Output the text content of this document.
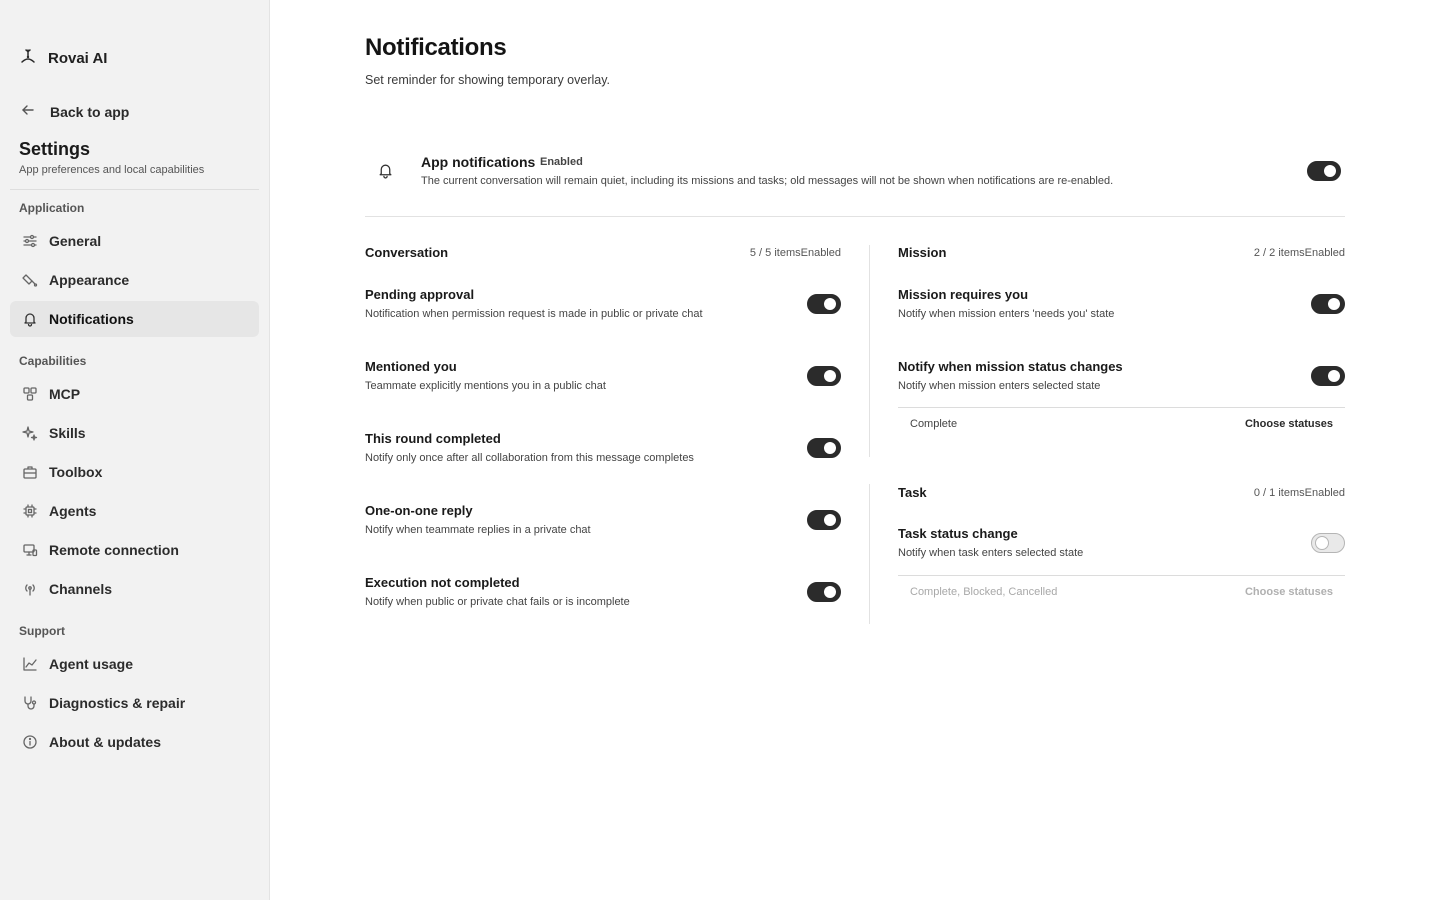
Rovai AI
Back to app
Settings
App preferences and local capabilities
Application
General
Appearance
Notifications
Capabilities
MCP
Skills
Toolbox
Agents
Remote connection
Channels
Support
Agent usage
Diagnostics & repair
About & updates
Notifications
Set reminder for showing temporary overlay.
App notifications Enabled
The current conversation will remain quiet, including its missions and tasks; old messages will not be shown when notifications are re-enabled.
Conversation	5 / 5 itemsEnabled
Pending approval
Notification when permission request is made in public or private chat
Mentioned you
Teammate explicitly mentions you in a public chat
This round completed
Notify only once after all collaboration from this message completes
One-on-one reply
Notify when teammate replies in a private chat
Execution not completed
Notify when public or private chat fails or is incomplete
Mission	2 / 2 itemsEnabled
Mission requires you
Notify when mission enters 'needs you' state
Notify when mission status changes
Notify when mission enters selected state
Complete	Choose statuses
Task	0 / 1 itemsEnabled
Task status change
Notify when task enters selected state
Complete, Blocked, Cancelled	Choose statuses
